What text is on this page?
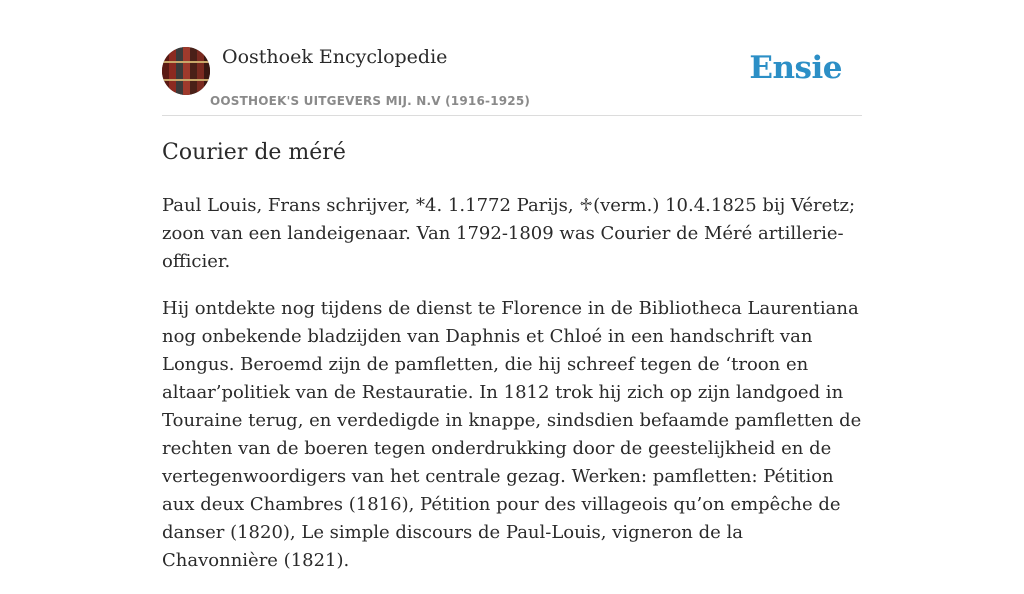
Oosthoek Encyclopedie
OOSTHOEK'S UITGEVERS MIJ. N.V (1916-1925)
Ensie
Courier de méré

Paul Louis, Frans schrijver, *4. 1.1772 Parijs, ♱(verm.) 10.4.1825 bij Véretz; zoon van een landeigenaar. Van 1792-1809 was Courier de Méré artillerie-officier.

Hij ontdekte nog tijdens de dienst te Florence in de Bibliotheca Laurentiana nog onbekende bladzijden van Daphnis et Chloé in een handschrift van Longus. Beroemd zijn de pamfletten, die hij schreef tegen de ‘troon en altaar’politiek van de Restauratie. In 1812 trok hij zich op zijn landgoed in Touraine terug, en verdedigde in knappe, sindsdien befaamde pamfletten de rechten van de boeren tegen onderdrukking door de geestelijkheid en de vertegenwoordigers van het centrale gezag. Werken: pamfletten: Pétition aux deux Chambres (1816), Pétition pour des villageois qu’on empêche de danser (1820), Le simple discours de Paul-Louis, vigneron de la Chavonnière (1821).
